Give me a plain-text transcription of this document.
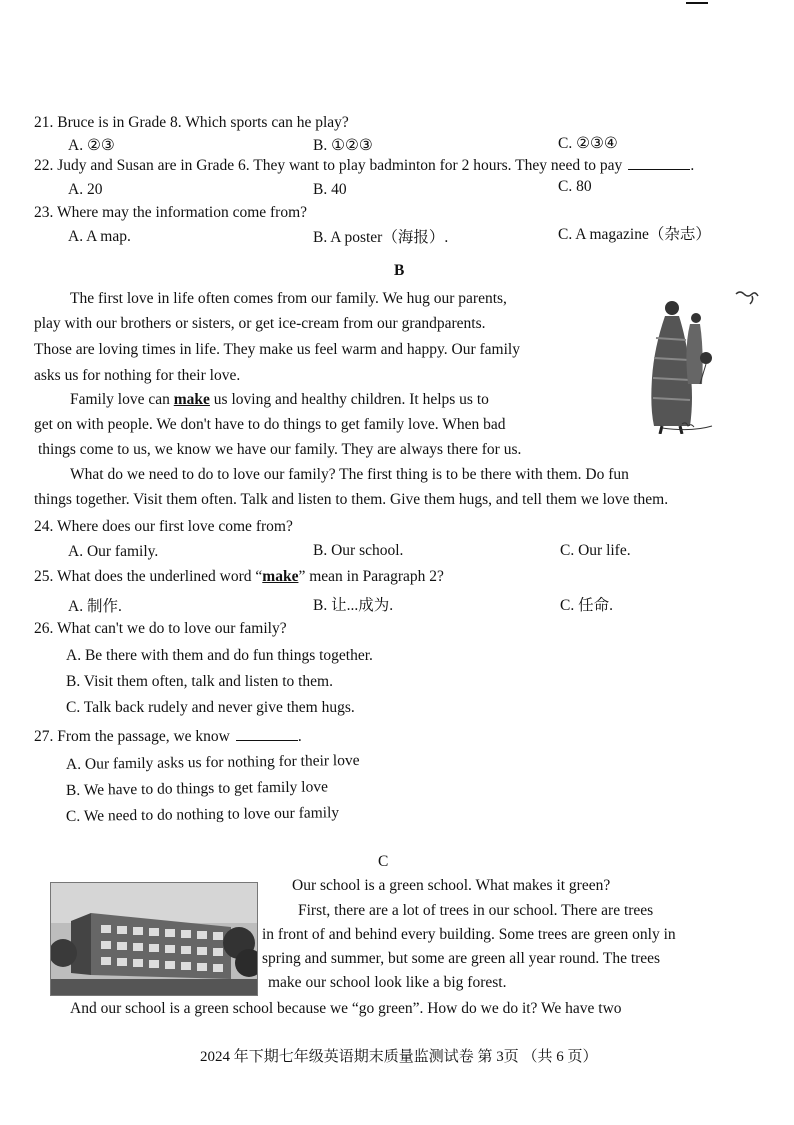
21. Bruce is in Grade 8. Which sports can he play?
A. ②③	B. ①②③	C. ②③④
22. Judy and Susan are in Grade 6. They want to play badminton for 2 hours. They need to pay	.
A. 20	B. 40	C. 80
23. Where may the information come from?
A. A map.	B. A poster（海报）.	C. A magazine（杂志）
B
The first love in life often comes from our family. We hug our parents,
play with our brothers or sisters, or get ice-cream from our grandparents.
Those are loving times in life. They make us feel warm and happy. Our family
asks us for nothing for their love.
Family love can make us loving and healthy children. It helps us to
get on with people. We don't have to do things to get family love. When bad
things come to us, we know we have our family. They are always there for us.
What do we need to do to love our family? The first thing is to be there with them. Do fun
things together. Visit them often. Talk and listen to them. Give them hugs, and tell them we love them.
24. Where does our first love come from?
A. Our family.	B. Our school.	C. Our life.
25. What does the underlined word “make” mean in Paragraph 2?
A. 制作.	B. 让...成为.	C. 任命.
26. What can't we do to love our family?
A. Be there with them and do fun things together.
B. Visit them often, talk and listen to them.
C. Talk back rudely and never give them hugs.
27. From the passage, we know	.
A. Our family asks us for nothing for their love
B. We have to do things to get family love
C. We need to do nothing to love our family
C
Our school is a green school. What makes it green?
First, there are a lot of trees in our school. There are trees
in front of and behind every building. Some trees are green only in
spring and summer, but some are green all year round. The trees
make our school look like a big forest.
And our school is a green school because we “go green”. How do we do it? We have two
2024 年下期七年级英语期末质量监测试卷 第 3页 （共 6 页）
